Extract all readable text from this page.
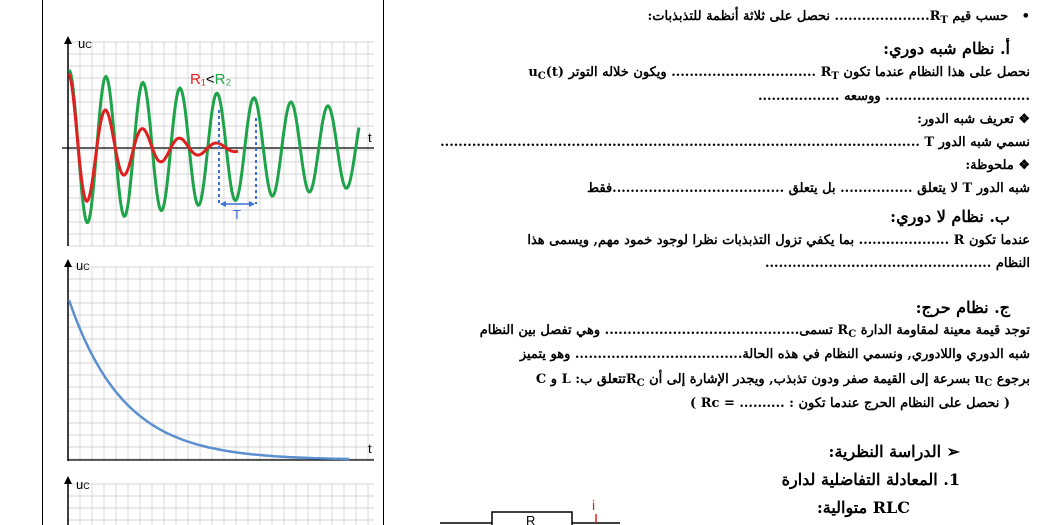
uC
t
R₁<R₂
T
uC
t
uC
•   حسب قيم $R_T$..................... نحصل على ثلاثة أنظمة للتذبذبات:
أ. نظام شبه دوري:
نحصل على هذا النظام عندما تكون $R_T$ ................................ ويكون خلاله التوتر $u_C(t)$
................................ ووسعه ..................
❖ تعريف شبه الدور:
نسمي شبه الدور T ..........................................................................................................
❖ ملحوظة:
شبه الدور T لا يتعلق ................ بل يتعلق ......................................فقط
ب. نظام لا دوري:
عندما تكون R .................... بما يكفي تزول التذبذبات نظرا لوجود خمود مهم, ويسمى هذا
النظام ..................................................
ج. نظام حرج:
توجد قيمة معينة لمقاومة الدارة $R_C$ تسمى........................................... وهي تفصل بين النظام
شبه الدوري واللادوري, ونسمي النظام في هذه الحالة..................................... وهو يتميز
برجوع $u_C$ بسرعة إلى القيمة صفر ودون تذبذب, ويجدر الإشارة إلى أن $R_Cتتعلق$ ب: L و C
( نحصل على النظام الحرج عندما تكون : .......... = Rc )
➢ الدراسة النظرية:
1. المعادلة التفاضلية لدارة
RLC متوالية:
R
i
